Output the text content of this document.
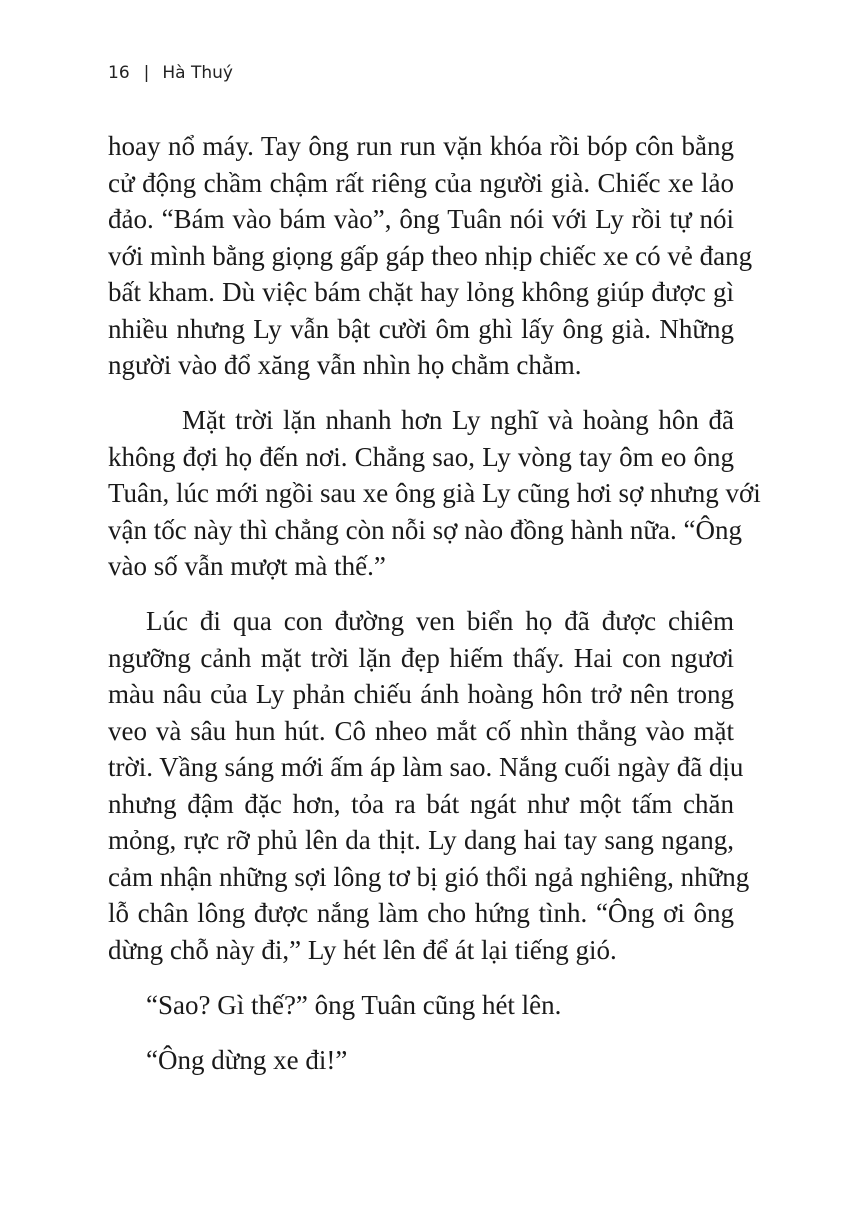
16 | Hà Thuý
hoay nổ máy. Tay ông run run vặn khóa rồi bóp côn bằng
cử động chầm chậm rất riêng của người già. Chiếc xe lảo
đảo. “Bám vào bám vào”, ông Tuân nói với Ly rồi tự nói
với mình bằng giọng gấp gáp theo nhịp chiếc xe có vẻ đang
bất kham. Dù việc bám chặt hay lỏng không giúp được gì
nhiều nhưng Ly vẫn bật cười ôm ghì lấy ông già. Những
người vào đổ xăng vẫn nhìn họ chằm chằm.
Mặt trời lặn nhanh hơn Ly nghĩ và hoàng hôn đã
không đợi họ đến nơi. Chẳng sao, Ly vòng tay ôm eo ông
Tuân, lúc mới ngồi sau xe ông già Ly cũng hơi sợ nhưng với
vận tốc này thì chẳng còn nỗi sợ nào đồng hành nữa. “Ông
vào số vẫn mượt mà thế.”
Lúc đi qua con đường ven biển họ đã được chiêm
ngưỡng cảnh mặt trời lặn đẹp hiếm thấy. Hai con ngươi
màu nâu của Ly phản chiếu ánh hoàng hôn trở nên trong
veo và sâu hun hút. Cô nheo mắt cố nhìn thẳng vào mặt
trời. Vầng sáng mới ấm áp làm sao. Nắng cuối ngày đã dịu
nhưng đậm đặc hơn, tỏa ra bát ngát như một tấm chăn
mỏng, rực rỡ phủ lên da thịt. Ly dang hai tay sang ngang,
cảm nhận những sợi lông tơ bị gió thổi ngả nghiêng, những
lỗ chân lông được nắng làm cho hứng tình. “Ông ơi ông
dừng chỗ này đi,” Ly hét lên để át lại tiếng gió.
“Sao? Gì thế?” ông Tuân cũng hét lên.
“Ông dừng xe đi!”
